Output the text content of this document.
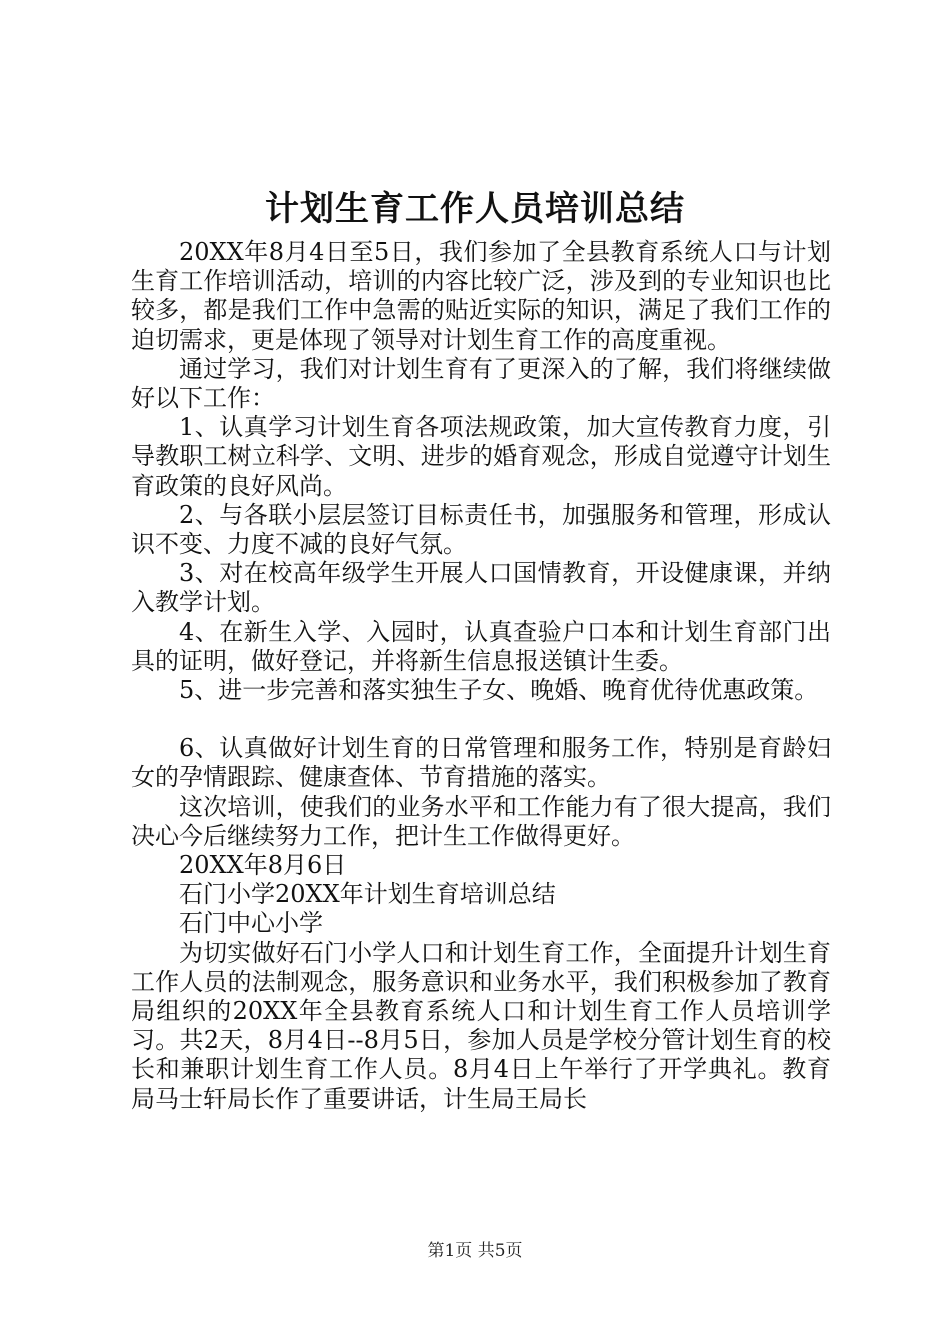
计划生育工作人员培训总结

20XX年8月4日至5日，我们参加了全县教育系统人口与计划生育工作培训活动，培训的内容比较广泛，涉及到的专业知识也比较多，都是我们工作中急需的贴近实际的知识，满足了我们工作的迫切需求，更是体现了领导对计划生育工作的高度重视。

通过学习，我们对计划生育有了更深入的了解，我们将继续做好以下工作：

1、认真学习计划生育各项法规政策，加大宣传教育力度，引导教职工树立科学、文明、进步的婚育观念，形成自觉遵守计划生育政策的良好风尚。

2、与各联小层层签订目标责任书，加强服务和管理，形成认识不变、力度不减的良好气氛。

3、对在校高年级学生开展人口国情教育，开设健康课，并纳入教学计划。

4、在新生入学、入园时，认真查验户口本和计划生育部门出具的证明，做好登记，并将新生信息报送镇计生委。

5、进一步完善和落实独生子女、晚婚、晚育优待优惠政策。

6、认真做好计划生育的日常管理和服务工作，特别是育龄妇女的孕情跟踪、健康查体、节育措施的落实。

这次培训，使我们的业务水平和工作能力有了很大提高，我们决心今后继续努力工作，把计生工作做得更好。

20XX年8月6日

石门小学20XX年计划生育培训总结

石门中心小学

为切实做好石门小学人口和计划生育工作，全面提升计划生育工作人员的法制观念，服务意识和业务水平，我们积极参加了教育局组织的20XX年全县教育系统人口和计划生育工作人员培训学习。共2天，8月4日--8月5日，参加人员是学校分管计划生育的校长和兼职计划生育工作人员。8月4日上午举行了开学典礼。教育局马士轩局长作了重要讲话，计生局王局长

第1页 共5页
